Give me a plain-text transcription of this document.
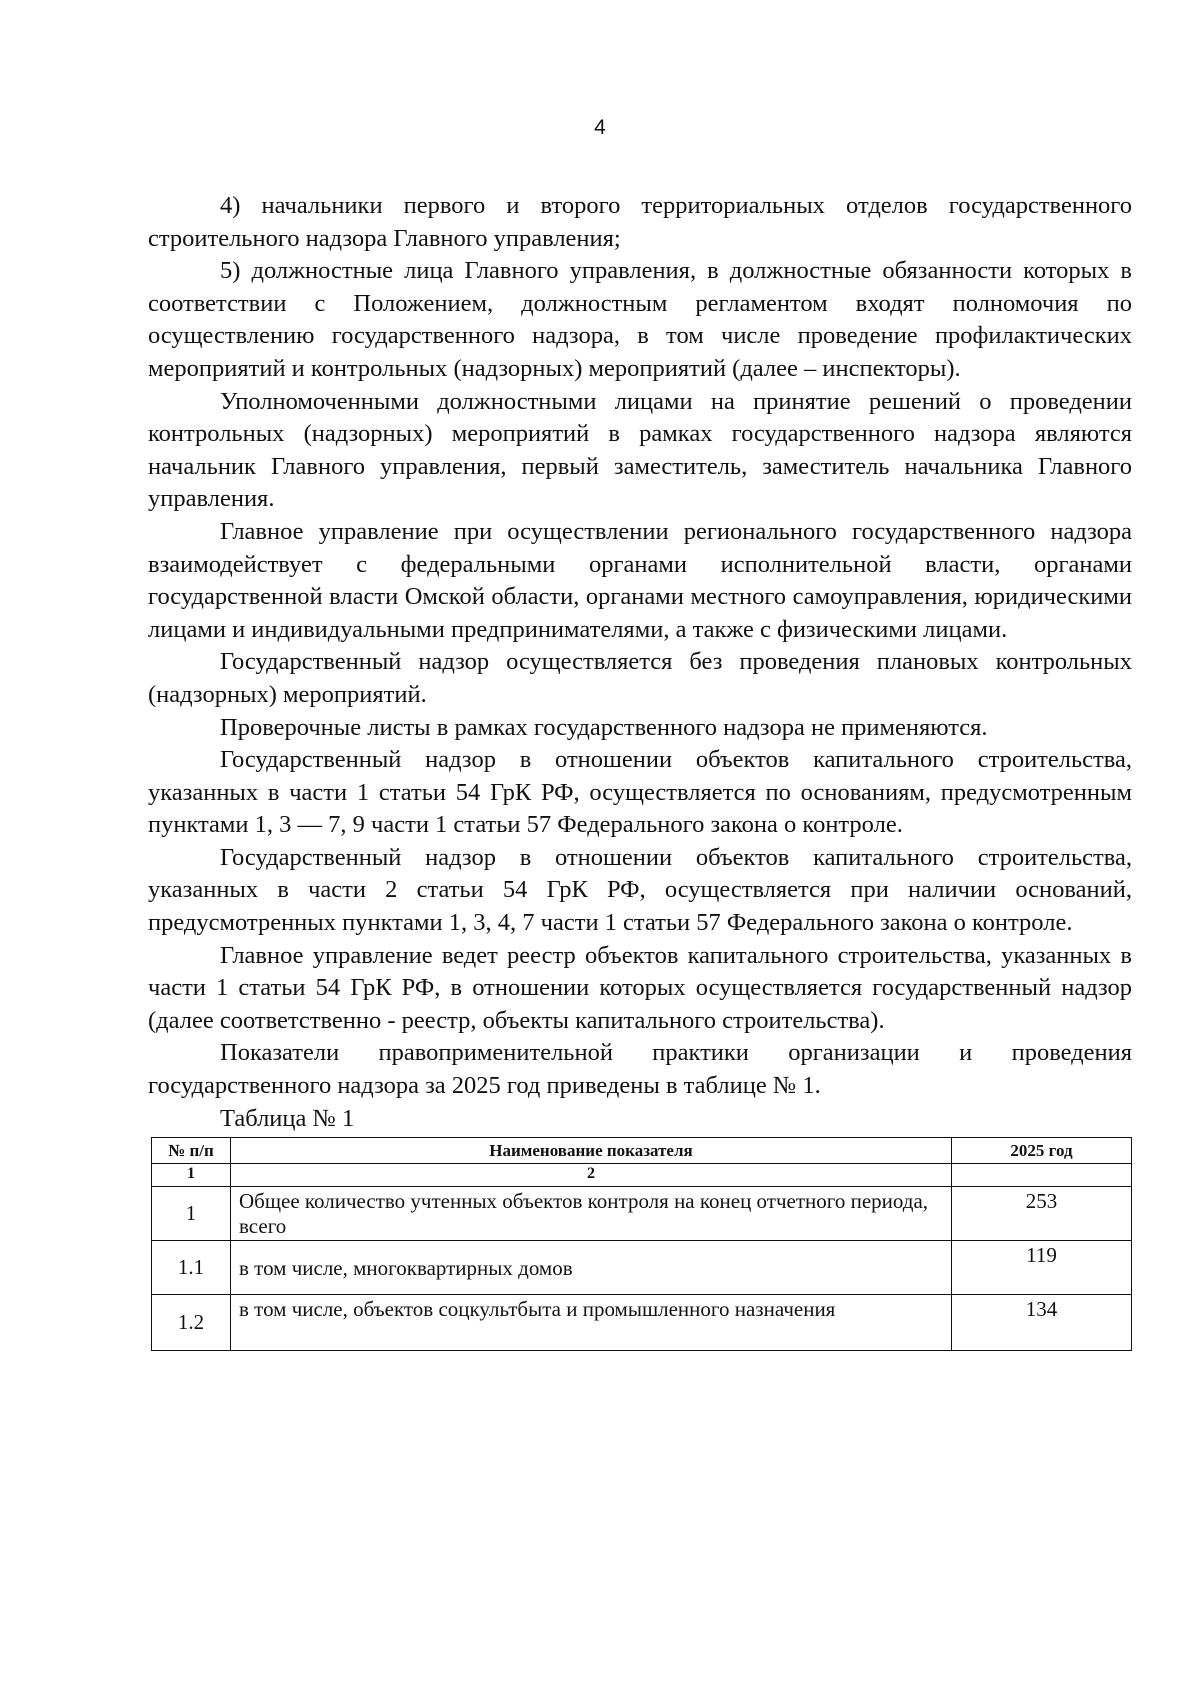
4

4) начальники первого и второго территориальных отделов государственного строительного надзора Главного управления;

5) должностные лица Главного управления, в должностные обязанности которых в соответствии с Положением, должностным регламентом входят полномочия по осуществлению государственного надзора, в том числе проведение профилактических мероприятий и контрольных (надзорных) мероприятий (далее – инспекторы).

Уполномоченными должностными лицами на принятие решений о проведении контрольных (надзорных) мероприятий в рамках государственного надзора являются начальник Главного управления, первый заместитель, заместитель начальника Главного управления.

Главное управление при осуществлении регионального государственного надзора взаимодействует с федеральными органами исполнительной власти, органами государственной власти Омской области, органами местного самоуправления, юридическими лицами и индивидуальными предпринимателями, а также с физическими лицами.

Государственный надзор осуществляется без проведения плановых контрольных (надзорных) мероприятий.

Проверочные листы в рамках государственного надзора не применяются.

Государственный надзор в отношении объектов капитального строительства, указанных в части 1 статьи 54 ГрК РФ, осуществляется по основаниям, предусмотренным пунктами 1, 3 — 7, 9 части 1 статьи 57 Федерального закона о контроле.

Государственный надзор в отношении объектов капитального строительства, указанных в части 2 статьи 54 ГрК РФ, осуществляется при наличии оснований, предусмотренных пунктами 1, 3, 4, 7 части 1 статьи 57 Федерального закона о контроле.

Главное управление ведет реестр объектов капитального строительства, указанных в части 1 статьи 54 ГрК РФ, в отношении которых осуществляется государственный надзор (далее соответственно - реестр, объекты капитального строительства).

Показатели правоприменительной практики организации и проведения государственного надзора за 2025 год приведены в таблице № 1.

Таблица № 1

№ п/п	Наименование показателя	2025 год
1	2	
1	Общее количество учтенных объектов контроля на конец отчетного периода, всего	253
1.1	в том числе, многоквартирных домов	119
1.2	в том числе, объектов соцкультбыта и промышленного назначения	134
